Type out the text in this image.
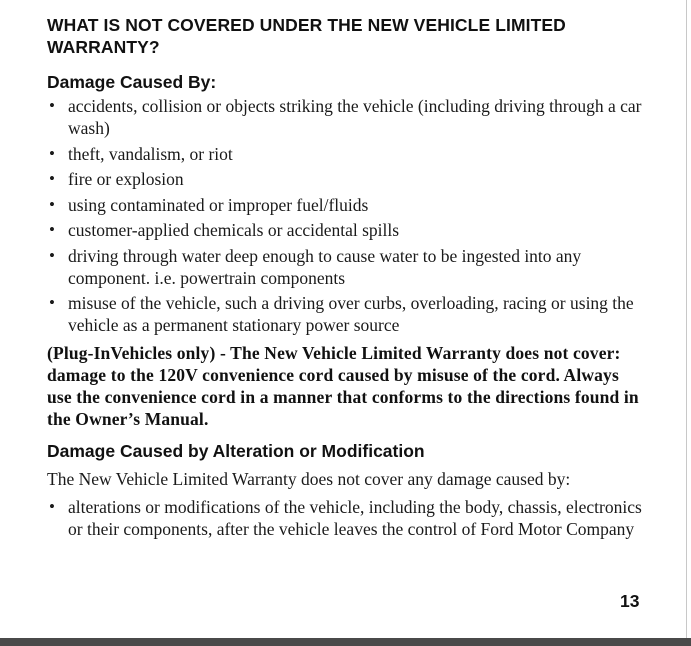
WHAT IS NOT COVERED UNDER THE NEW VEHICLE LIMITED WARRANTY?
Damage Caused By:
• accidents, collision or objects striking the vehicle (including driving through a car wash)
• theft, vandalism, or riot
• fire or explosion
• using contaminated or improper fuel/fluids
• customer-applied chemicals or accidental spills
• driving through water deep enough to cause water to be ingested into any component. i.e. powertrain components
• misuse of the vehicle, such a driving over curbs, overloading, racing or using the vehicle as a permanent stationary power source

(Plug-InVehicles only) - The New Vehicle Limited Warranty does not cover: damage to the 120V convenience cord caused by misuse of the cord. Always use the convenience cord in a manner that conforms to the directions found in the Owner’s Manual.

Damage Caused by Alteration or Modification

The New Vehicle Limited Warranty does not cover any damage caused by:

• alterations or modifications of the vehicle, including the body, chassis, electronics or their components, after the vehicle leaves the control of Ford Motor Company
13
